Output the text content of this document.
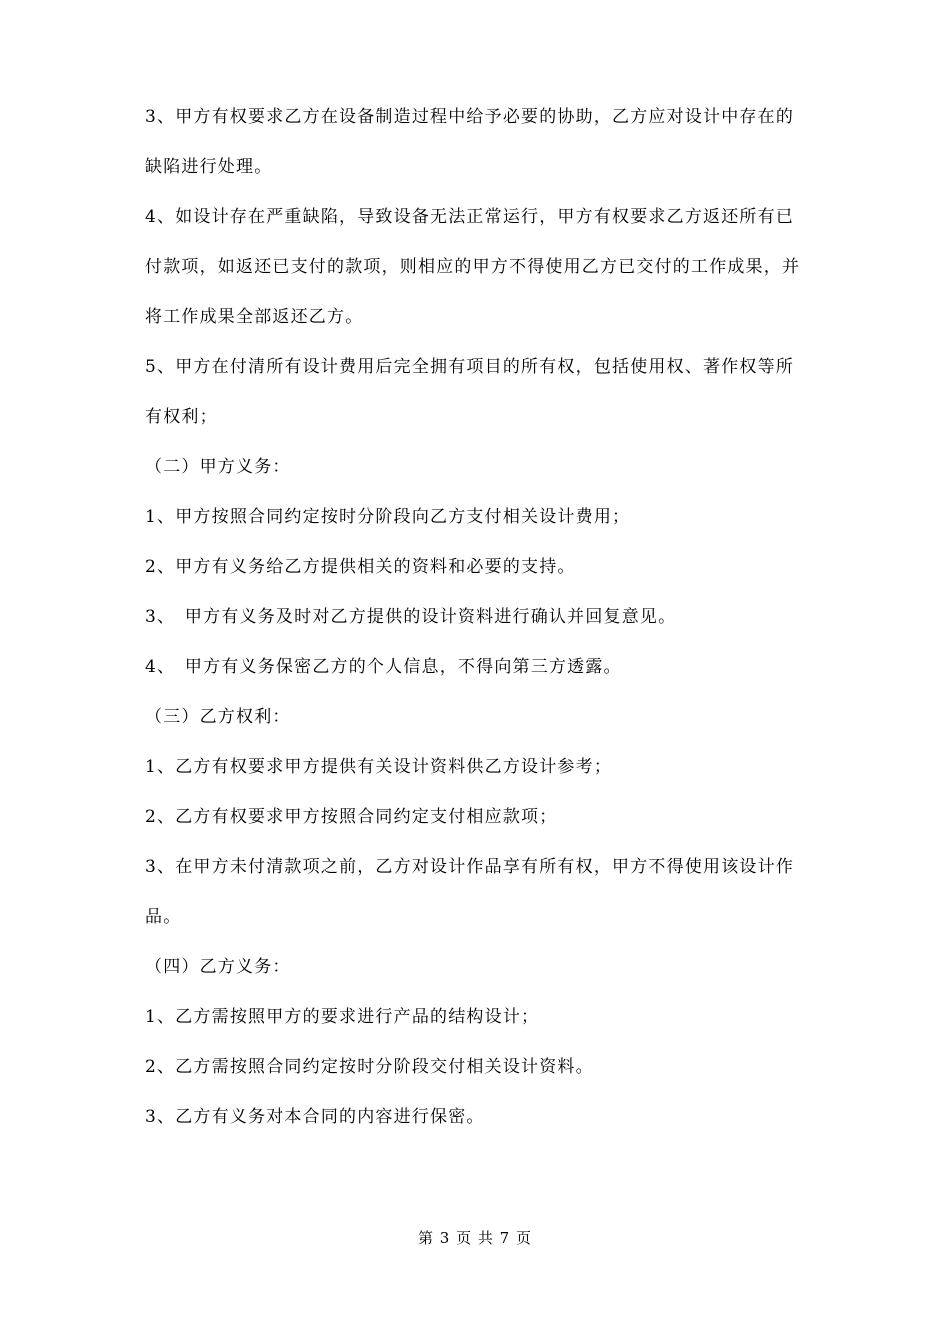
3、甲方有权要求乙方在设备制造过程中给予必要的协助，乙方应对设计中存在的缺陷进行处理。

4、如设计存在严重缺陷，导致设备无法正常运行，甲方有权要求乙方返还所有已付款项，如返还已支付的款项，则相应的甲方不得使用乙方已交付的工作成果，并将工作成果全部返还乙方。

5、甲方在付清所有设计费用后完全拥有项目的所有权，包括使用权、著作权等所有权利；

（二）甲方义务：

1、甲方按照合同约定按时分阶段向乙方支付相关设计费用；

2、甲方有义务给乙方提供相关的资料和必要的支持。

3、　甲方有义务及时对乙方提供的设计资料进行确认并回复意见。

4、　甲方有义务保密乙方的个人信息，不得向第三方透露。

（三）乙方权利：

1、乙方有权要求甲方提供有关设计资料供乙方设计参考；

2、乙方有权要求甲方按照合同约定支付相应款项；

3、在甲方未付清款项之前，乙方对设计作品享有所有权，甲方不得使用该设计作品。

（四）乙方义务：

1、乙方需按照甲方的要求进行产品的结构设计；

2、乙方需按照合同约定按时分阶段交付相关设计资料。

3、乙方有义务对本合同的内容进行保密。

第 3 页 共 7 页
